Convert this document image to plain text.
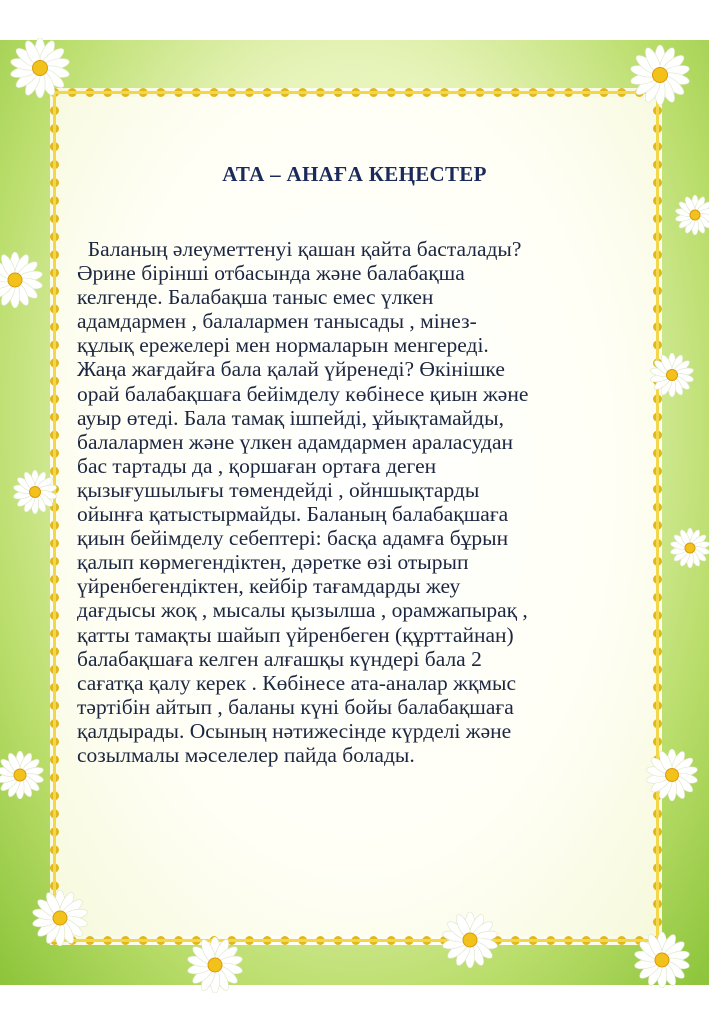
АТА – АНАҒА КЕҢЕСТЕР
Баланың әлеуметтенуі қашан қайта басталады?
Әрине бірінші отбасында және балабақша
келгенде. Балабақша таныс емес үлкен
адамдармен , балалармен танысады , мінез-
құлық ережелері мен нормаларын менгереді.
Жаңа жағдайға бала қалай үйренеді? Өкінішке
орай балабақшаға бейімделу көбінесе қиын және
ауыр өтеді. Бала тамақ ішпейді, ұйықтамайды,
балалармен және үлкен адамдармен араласудан
бас тартады да , қоршаған ортаға деген
қызығушылығы төмендейді , ойншықтарды
ойынға қатыстырмайды. Баланың балабақшаға
қиын бейімделу себептері: басқа адамға бұрын
қалып көрмегендіктен, дәретке өзі отырып
үйренбегендіктен, кейбір тағамдарды жеу
дағдысы жоқ , мысалы қызылша , орамжапырақ ,
қатты тамақты шайып үйренбеген (құрттайнан)
балабақшаға келген алғашқы күндері бала 2
сағатқа қалу керек . Көбінесе ата-аналар жқмыс
тәртібін айтып , баланы күні бойы балабақшаға
қалдырады. Осының нәтижесінде күрделі және
созылмалы мәселелер пайда болады.
